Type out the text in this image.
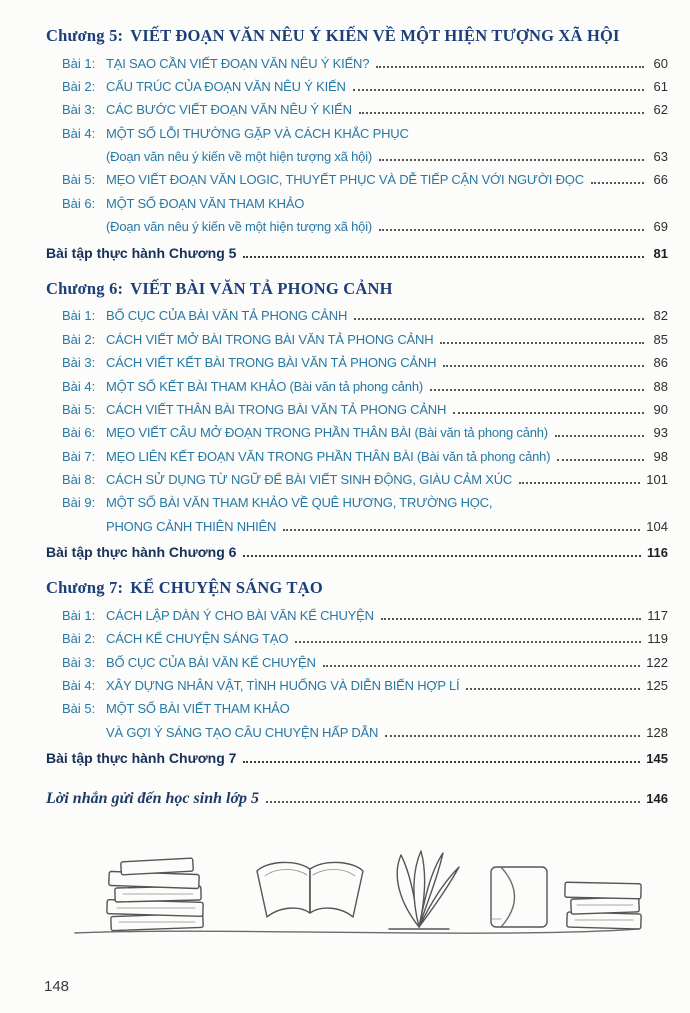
Chương 5: VIẾT ĐOẠN VĂN NÊU Ý KIẾN VỀ MỘT HIỆN TƯỢNG XÃ HỘI
Bài 1: TẠI SAO CẦN VIẾT ĐOẠN VĂN NÊU Ý KIẾN?	60
Bài 2: CẤU TRÚC CỦA ĐOẠN VĂN NÊU Ý KIẾN	61
Bài 3: CÁC BƯỚC VIẾT ĐOẠN VĂN NÊU Ý KIẾN	62
Bài 4: MỘT SỐ LỖI THƯỜNG GẶP VÀ CÁCH KHẮC PHỤC
(Đoạn văn nêu ý kiến về một hiện tượng xã hội)	63
Bài 5: MẸO VIẾT ĐOẠN VĂN LOGIC, THUYẾT PHỤC VÀ DỄ TIẾP CẬN VỚI NGƯỜI ĐỌC	66
Bài 6: MỘT SỐ ĐOẠN VĂN THAM KHẢO
(Đoạn văn nêu ý kiến về một hiện tượng xã hội)	69
Bài tập thực hành Chương 5	81
Chương 6: VIẾT BÀI VĂN TẢ PHONG CẢNH
Bài 1: BỐ CỤC CỦA BÀI VĂN TẢ PHONG CẢNH	82
Bài 2: CÁCH VIẾT MỞ BÀI TRONG BÀI VĂN TẢ PHONG CẢNH	85
Bài 3: CÁCH VIẾT KẾT BÀI TRONG BÀI VĂN TẢ PHONG CẢNH	86
Bài 4: MỘT SỐ KẾT BÀI THAM KHẢO (Bài văn tả phong cảnh)	88
Bài 5: CÁCH VIẾT THÂN BÀI TRONG BÀI VĂN TẢ PHONG CẢNH	90
Bài 6: MẸO VIẾT CÂU MỞ ĐOẠN TRONG PHẦN THÂN BÀI (Bài văn tả phong cảnh)	93
Bài 7: MẸO LIÊN KẾT ĐOẠN VĂN TRONG PHẦN THÂN BÀI (Bài văn tả phong cảnh)	98
Bài 8: CÁCH SỬ DỤNG TỪ NGỮ ĐỂ BÀI VIẾT SINH ĐỘNG, GIÀU CẢM XÚC	101
Bài 9: MỘT SỐ BÀI VĂN THAM KHẢO VỀ QUÊ HƯƠNG, TRƯỜNG HỌC,
PHONG CẢNH THIÊN NHIÊN	104
Bài tập thực hành Chương 6	116
Chương 7: KỂ CHUYỆN SÁNG TẠO
Bài 1: CÁCH LẬP DÀN Ý CHO BÀI VĂN KỂ CHUYỆN	117
Bài 2: CÁCH KỂ CHUYỆN SÁNG TẠO	119
Bài 3: BỐ CỤC CỦA BÀI VĂN KỂ CHUYỆN	122
Bài 4: XÂY DỰNG NHÂN VẬT, TÌNH HUỐNG VÀ DIỄN BIẾN HỢP LÍ	125
Bài 5: MỘT SỐ BÀI VIẾT THAM KHẢO
VÀ GỢI Ý SÁNG TẠO CÂU CHUYỆN HẤP DẪN	128
Bài tập thực hành Chương 7	145
Lời nhắn gửi đến học sinh lớp 5	146
148
